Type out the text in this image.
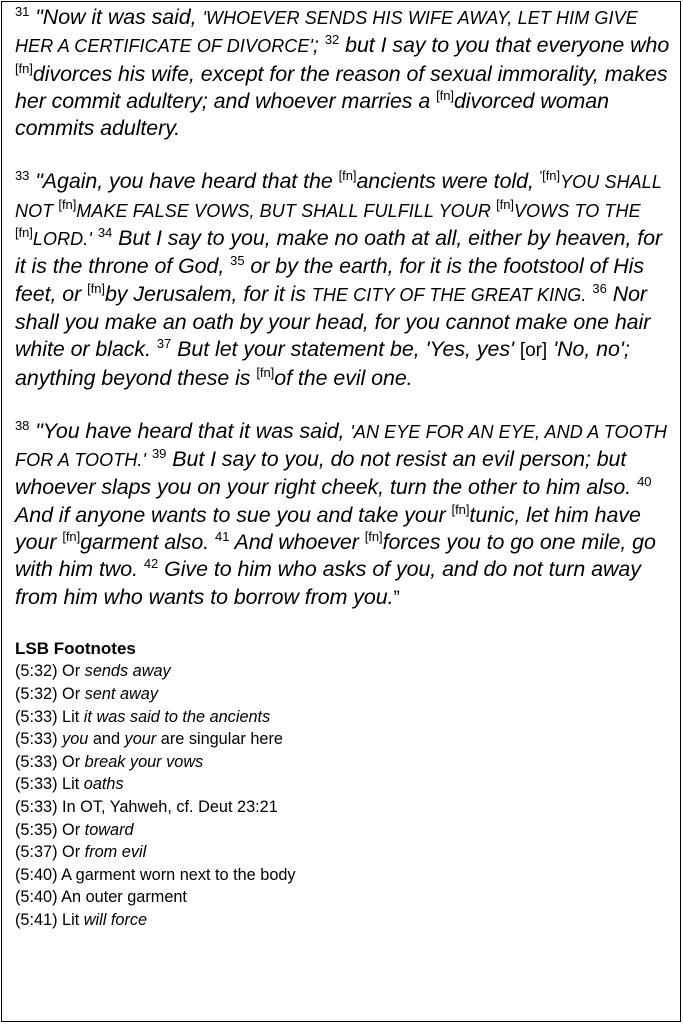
$^{31}$ "Now it was said, 'WHOEVER SENDS HIS WIFE AWAY, LET HIM GIVE HER A CERTIFICATE OF DIVORCE'; $^{32}$ but I say to you that everyone who [fn]divorces his wife, except for the reason of sexual immorality, makes her commit adultery; and whoever marries a [fn]divorced woman commits adultery.

$^{33}$ "Again, you have heard that the [fn]ancients were told, $^{'[fn]}$YOU SHALL NOT [fn]MAKE FALSE VOWS, BUT SHALL FULFILL YOUR [fn]VOWS TO THE [fn]LORD.' $^{34}$ But I say to you, make no oath at all, either by heaven, for it is the throne of God, $^{35}$ or by the earth, for it is the footstool of His feet, or [fn]by Jerusalem, for it is THE CITY OF THE GREAT KING. $^{36}$ Nor shall you make an oath by your head, for you cannot make one hair white or black. $^{37}$ But let your statement be, 'Yes, yes' [or] 'No, no'; anything beyond these is [fn]of the evil one.

$^{38}$ "You have heard that it was said, 'AN EYE FOR AN EYE, AND A TOOTH FOR A TOOTH.' $^{39}$ But I say to you, do not resist an evil person; but whoever slaps you on your right cheek, turn the other to him also. $^{40}$ And if anyone wants to sue you and take your [fn]tunic, let him have your [fn]garment also. $^{41}$ And whoever [fn]forces you to go one mile, go with him two. $^{42}$ Give to him who asks of you, and do not turn away from him who wants to borrow from you.”

LSB Footnotes
(5:32) Or sends away
(5:32) Or sent away
(5:33) Lit it was said to the ancients
(5:33) you and your are singular here
(5:33) Or break your vows
(5:33) Lit oaths
(5:33) In OT, Yahweh, cf. Deut 23:21
(5:35) Or toward
(5:37) Or from evil
(5:40) A garment worn next to the body
(5:40) An outer garment
(5:41) Lit will force
